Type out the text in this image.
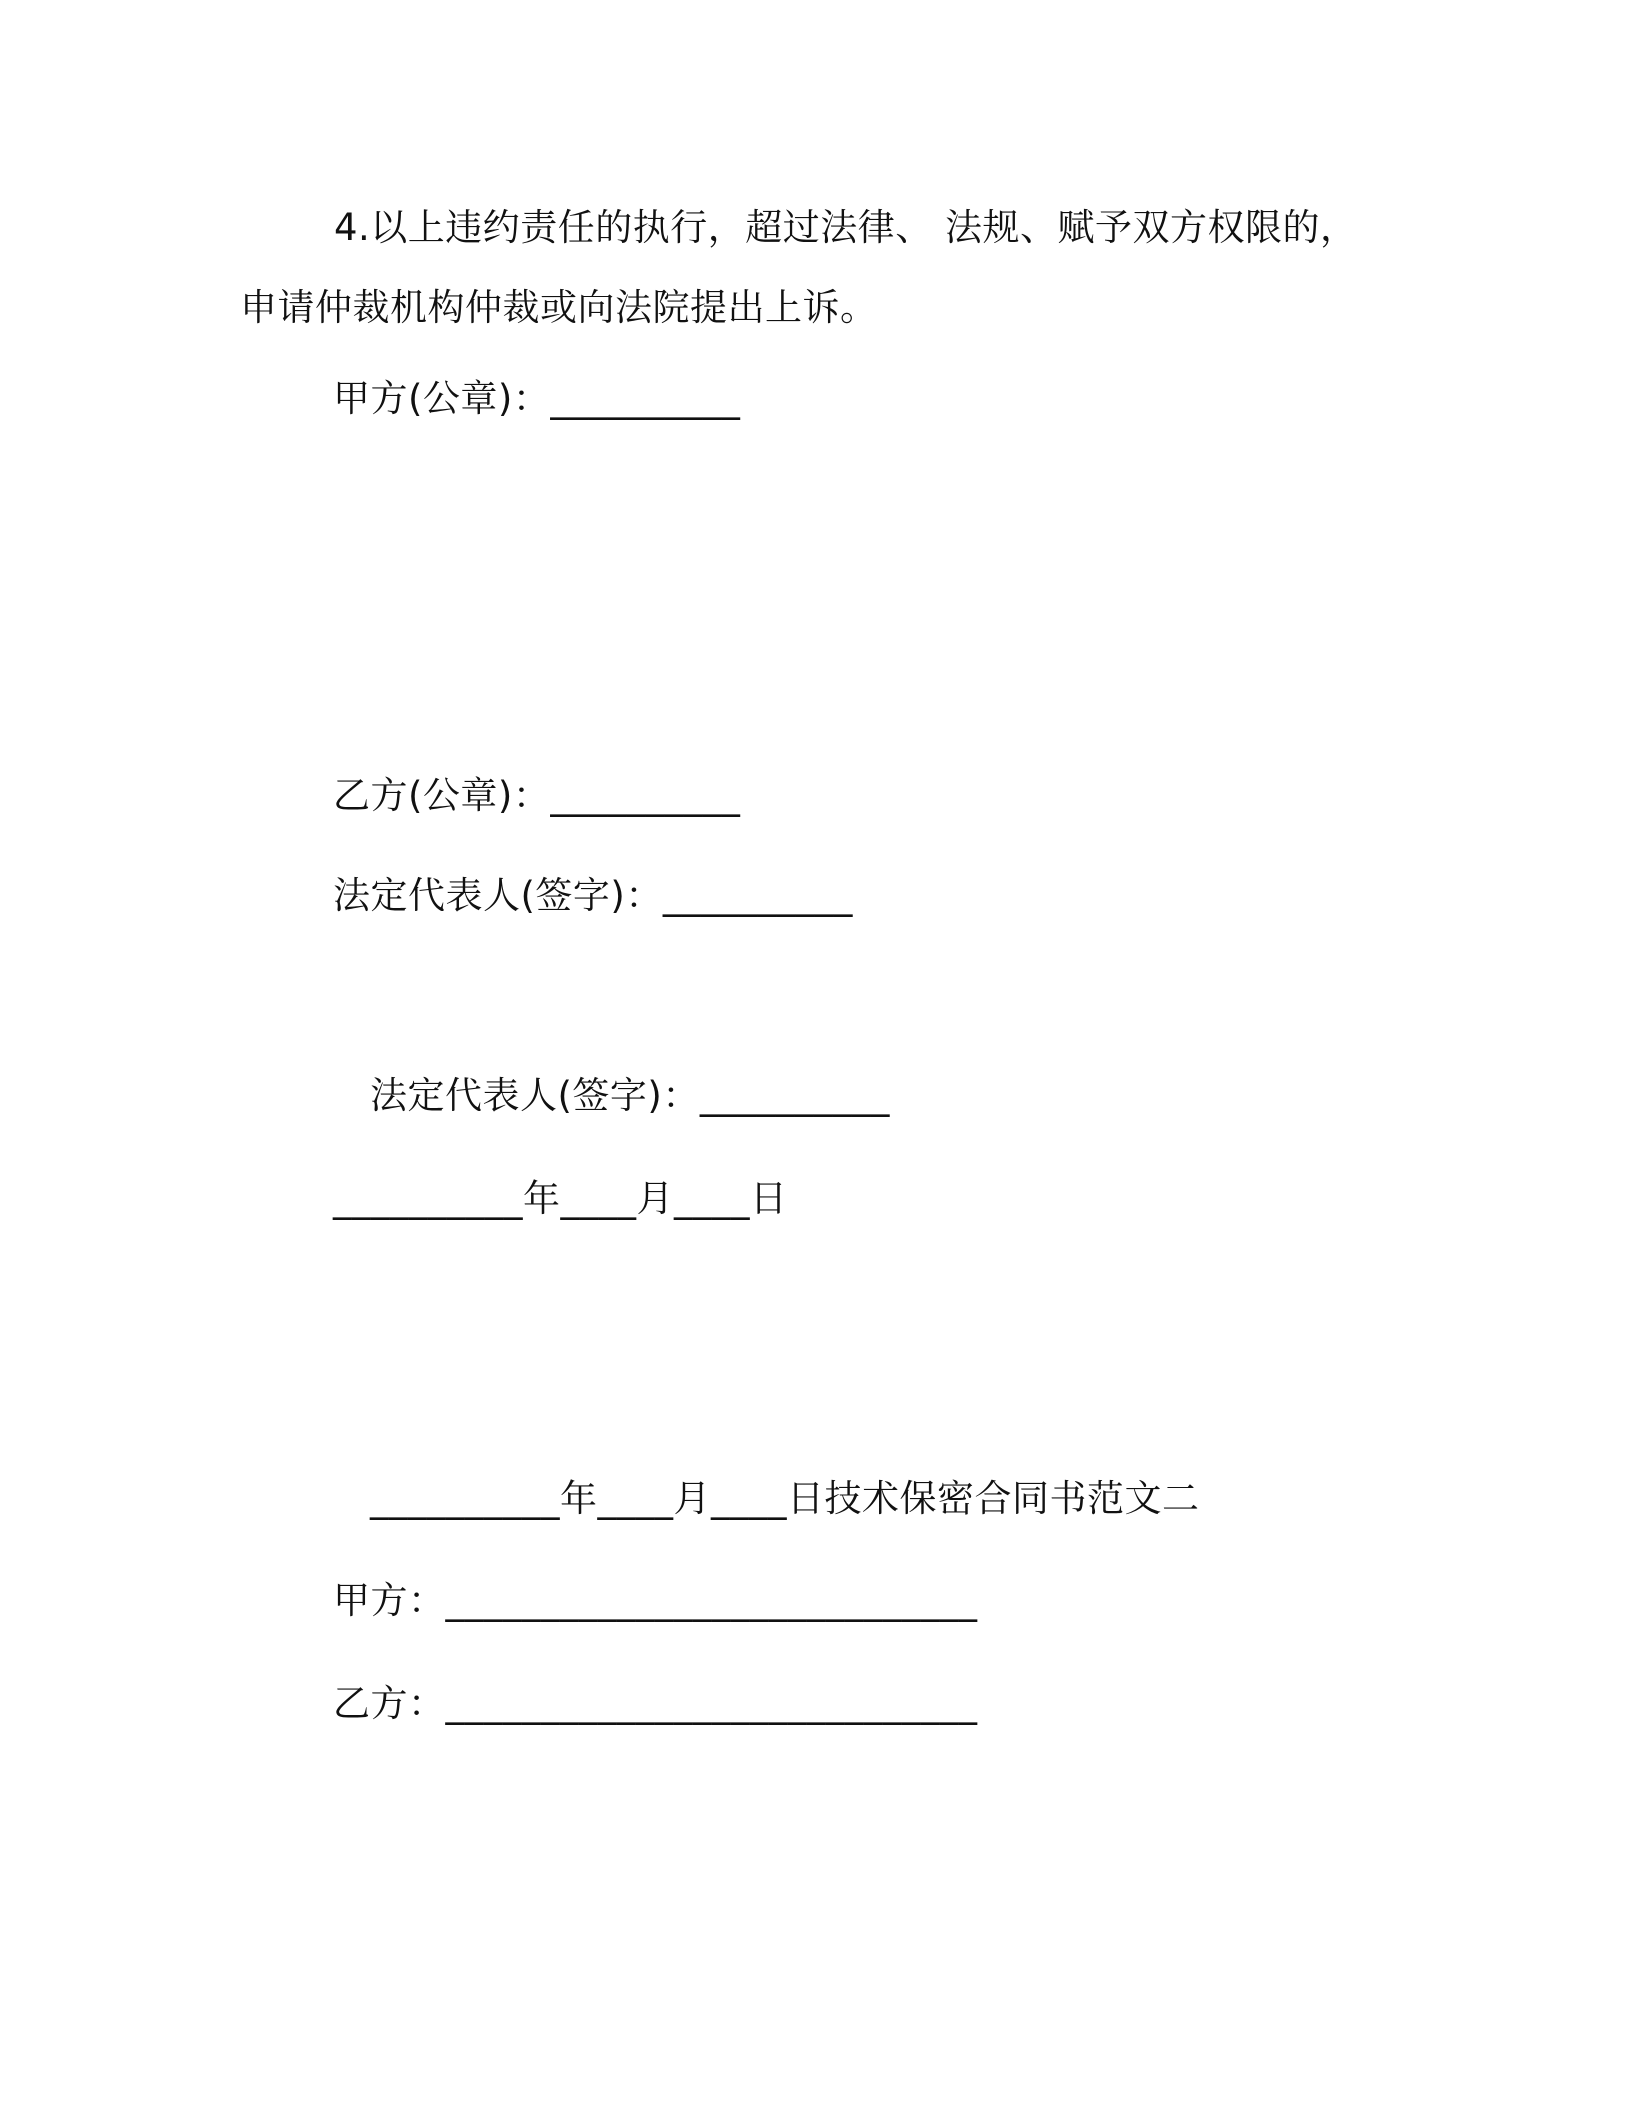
4.以上违约责任的执行，超过法律、 法规、赋予双方权限的，申请仲裁机构仲裁或向法院提出上诉。

甲方(公章)：__________
乙方(公章)：__________
法定代表人(签字)：__________
法定代表人(签字)：__________
__________年____月____日
__________年____月____日技术保密合同书范文二
甲方：____________________________
乙方：____________________________
